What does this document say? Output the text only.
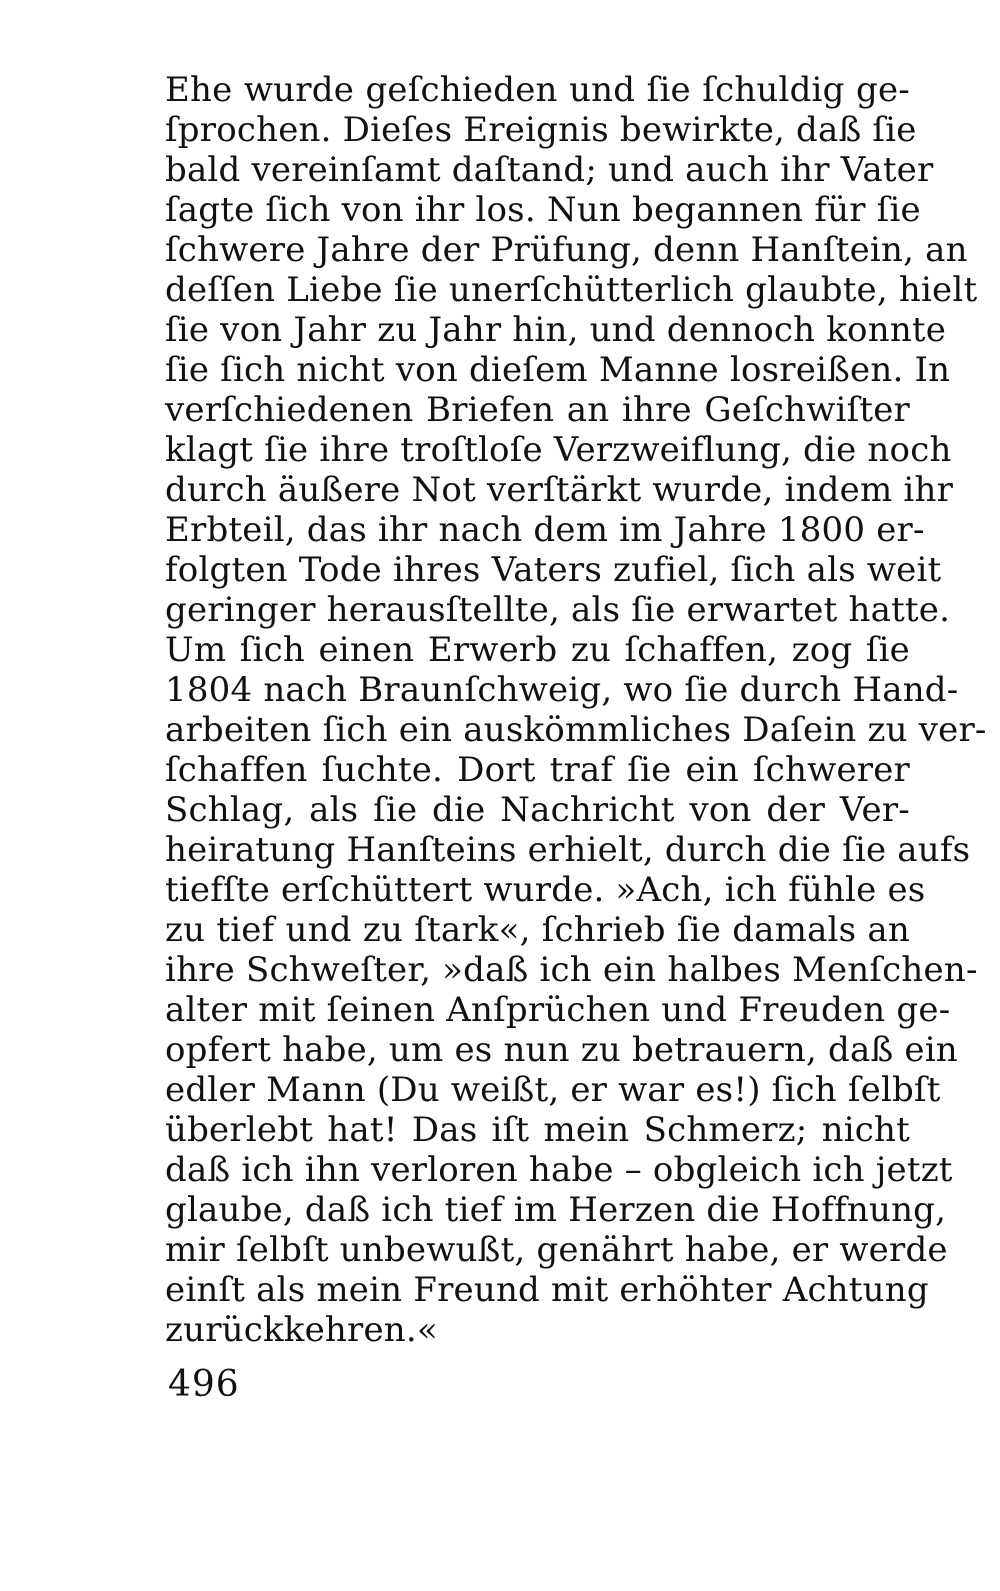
Ehe wurde geſchieden und ſie ſchuldig ge-
ſprochen. Dieſes Ereignis bewirkte, daß ſie
bald vereinſamt daſtand; und auch ihr Vater
ſagte ſich von ihr los. Nun begannen für ſie
ſchwere Jahre der Prüfung, denn Hanſtein, an
deſſen Liebe ſie unerſchütterlich glaubte, hielt
ſie von Jahr zu Jahr hin, und dennoch konnte
ſie ſich nicht von dieſem Manne losreißen. In
verſchiedenen Briefen an ihre Geſchwiſter
klagt ſie ihre troſtloſe Verzweiflung, die noch
durch äußere Not verſtärkt wurde, indem ihr
Erbteil, das ihr nach dem im Jahre 1800 er-
folgten Tode ihres Vaters zufiel, ſich als weit
geringer herausſtellte, als ſie erwartet hatte.
Um ſich einen Erwerb zu ſchaffen, zog ſie
1804 nach Braunſchweig, wo ſie durch Hand-
arbeiten ſich ein auskömmliches Daſein zu ver-
ſchaffen ſuchte. Dort traf ſie ein ſchwerer
Schlag, als ſie die Nachricht von der Ver-
heiratung Hanſteins erhielt, durch die ſie aufs
tiefſte erſchüttert wurde. »Ach, ich fühle es
zu tief und zu ſtark«, ſchrieb ſie damals an
ihre Schweſter, »daß ich ein halbes Menſchen-
alter mit ſeinen Anſprüchen und Freuden ge-
opfert habe, um es nun zu betrauern, daß ein
edler Mann (Du weißt, er war es!) ſich ſelbſt
überlebt hat! Das iſt mein Schmerz; nicht
daß ich ihn verloren habe – obgleich ich jetzt
glaube, daß ich tief im Herzen die Hoffnung,
mir ſelbſt unbewußt, genährt habe, er werde
einſt als mein Freund mit erhöhter Achtung
zurückkehren.«
496
